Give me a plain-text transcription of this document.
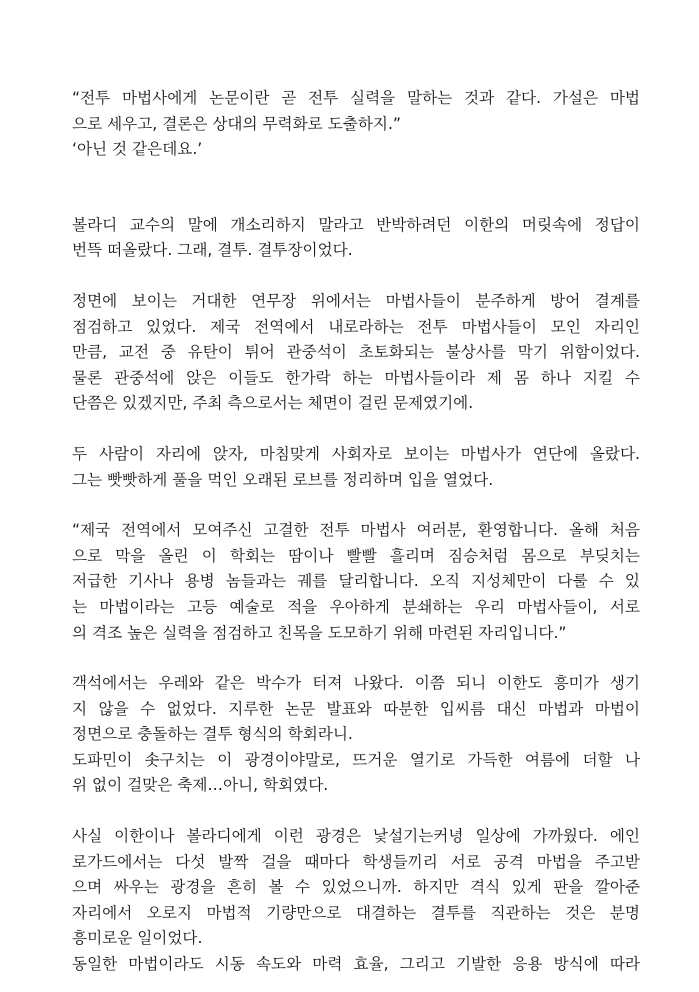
“전투 마법사에게 논문이란 곧 전투 실력을 말하는 것과 같다. 가설은 마법
으로 세우고, 결론은 상대의 무력화로 도출하지.”
‘아닌 것 같은데요.’

볼라디 교수의 말에 개소리하지 말라고 반박하려던 이한의 머릿속에 정답이
번뜩 떠올랐다. 그래, 결투. 결투장이었다.

정면에 보이는 거대한 연무장 위에서는 마법사들이 분주하게 방어 결계를
점검하고 있었다. 제국 전역에서 내로라하는 전투 마법사들이 모인 자리인
만큼, 교전 중 유탄이 튀어 관중석이 초토화되는 불상사를 막기 위함이었다.
물론 관중석에 앉은 이들도 한가락 하는 마법사들이라 제 몸 하나 지킬 수
단쯤은 있겠지만, 주최 측으로서는 체면이 걸린 문제였기에.

두 사람이 자리에 앉자, 마침맞게 사회자로 보이는 마법사가 연단에 올랐다.
그는 빳빳하게 풀을 먹인 오래된 로브를 정리하며 입을 열었다.

“제국 전역에서 모여주신 고결한 전투 마법사 여러분, 환영합니다. 올해 처음
으로 막을 올린 이 학회는 땀이나 빨빨 흘리며 짐승처럼 몸으로 부딪치는
저급한 기사나 용병 놈들과는 궤를 달리합니다. 오직 지성체만이 다룰 수 있
는 마법이라는 고등 예술로 적을 우아하게 분쇄하는 우리 마법사들이, 서로
의 격조 높은 실력을 점검하고 친목을 도모하기 위해 마련된 자리입니다.”

객석에서는 우레와 같은 박수가 터져 나왔다. 이쯤 되니 이한도 흥미가 생기
지 않을 수 없었다. 지루한 논문 발표와 따분한 입씨름 대신 마법과 마법이
정면으로 충돌하는 결투 형식의 학회라니.
도파민이 솟구치는 이 광경이야말로, 뜨거운 열기로 가득한 여름에 더할 나
위 없이 걸맞은 축제…아니, 학회였다.

사실 이한이나 볼라디에게 이런 광경은 낯설기는커녕 일상에 가까웠다. 에인
로가드에서는 다섯 발짝 걸을 때마다 학생들끼리 서로 공격 마법을 주고받
으며 싸우는 광경을 흔히 볼 수 있었으니까. 하지만 격식 있게 판을 깔아준
자리에서 오로지 마법적 기량만으로 대결하는 결투를 직관하는 것은 분명
흥미로운 일이었다.
동일한 마법이라도 시동 속도와 마력 효율, 그리고 기발한 응용 방식에 따라
